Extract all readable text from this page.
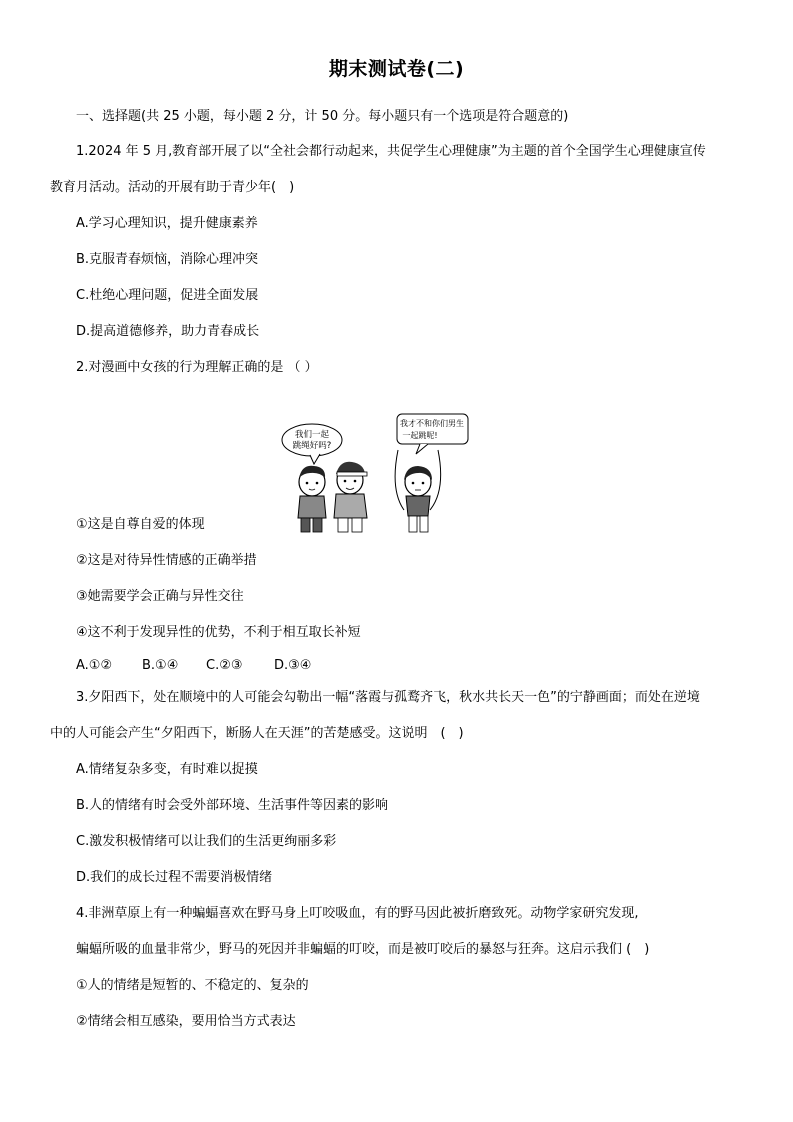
期末测试卷(二)
一、选择题(共 25 小题，每小题 2 分，计 50 分。每小题只有一个选项是符合题意的)
1.2024 年 5 月,教育部开展了以“全社会都行动起来，共促学生心理健康”为主题的首个全国学生心理健康宣传
教育月活动。活动的开展有助于青少年(　)
A.学习心理知识，提升健康素养
B.克服青春烦恼，消除心理冲突
C.杜绝心理问题，促进全面发展
D.提高道德修养，助力青春成长
2.对漫画中女孩的行为理解正确的是 （ ）
我们一起
跳绳好吗?
我才不和你们男生
一起跳呢!
①这是自尊自爱的体现
②这是对待异性情感的正确举措
③她需要学会正确与异性交往
④这不利于发现异性的优势，不利于相互取长补短
A.①② B.①④ C.②③ D.③④
3.夕阳西下，处在顺境中的人可能会勾勒出一幅“落霞与孤鹜齐飞，秋水共长天一色”的宁静画面；而处在逆境
中的人可能会产生“夕阳西下，断肠人在天涯”的苦楚感受。这说明　(　)
A.情绪复杂多变，有时难以捉摸
B.人的情绪有时会受外部环境、生活事件等因素的影响
C.激发积极情绪可以让我们的生活更绚丽多彩
D.我们的成长过程不需要消极情绪
4.非洲草原上有一种蝙蝠喜欢在野马身上叮咬吸血，有的野马因此被折磨致死。动物学家研究发现,
蝙蝠所吸的血量非常少，野马的死因并非蝙蝠的叮咬，而是被叮咬后的暴怒与狂奔。这启示我们 (　)
①人的情绪是短暂的、不稳定的、复杂的
②情绪会相互感染，要用恰当方式表达
